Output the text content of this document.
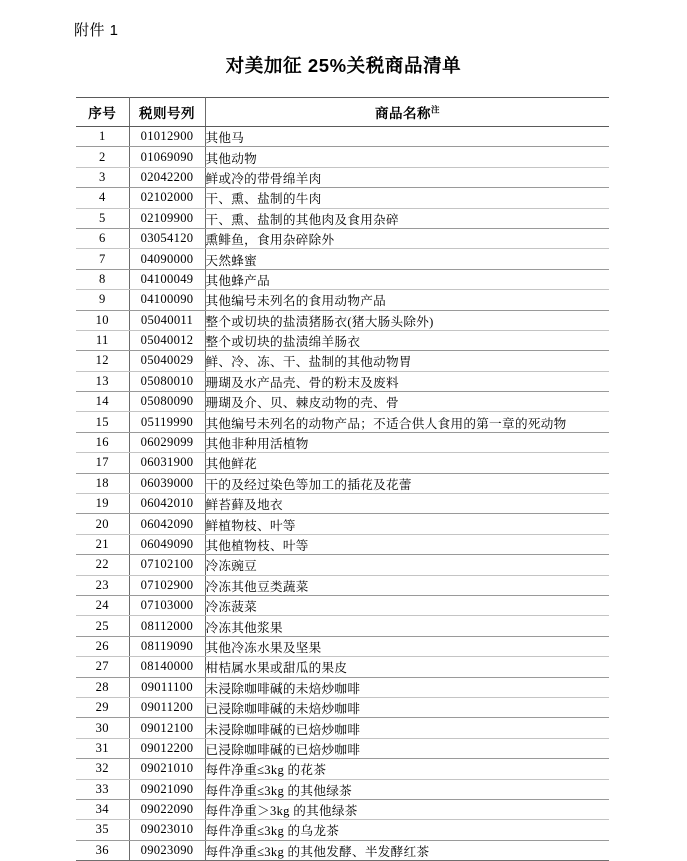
附件 1
对美加征 25%关税商品清单
序号	税则号列	商品名称$^注$
1	01012900	其他马
2	01069090	其他动物
3	02042200	鲜或冷的带骨绵羊肉
4	02102000	干、熏、盐制的牛肉
5	02109900	干、熏、盐制的其他肉及食用杂碎
6	03054120	熏鲱鱼，食用杂碎除外
7	04090000	天然蜂蜜
8	04100049	其他蜂产品
9	04100090	其他编号未列名的食用动物产品
10	05040011	整个或切块的盐渍猪肠衣(猪大肠头除外)
11	05040012	整个或切块的盐渍绵羊肠衣
12	05040029	鲜、冷、冻、干、盐制的其他动物胃
13	05080010	珊瑚及水产品壳、骨的粉末及废料
14	05080090	珊瑚及介、贝、棘皮动物的壳、骨
15	05119990	其他编号未列名的动物产品；不适合供人食用的第一章的死动物
16	06029099	其他非种用活植物
17	06031900	其他鲜花
18	06039000	干的及经过染色等加工的插花及花蕾
19	06042010	鲜苔藓及地衣
20	06042090	鲜植物枝、叶等
21	06049090	其他植物枝、叶等
22	07102100	冷冻豌豆
23	07102900	冷冻其他豆类蔬菜
24	07103000	冷冻菠菜
25	08112000	冷冻其他浆果
26	08119090	其他冷冻水果及坚果
27	08140000	柑桔属水果或甜瓜的果皮
28	09011100	未浸除咖啡碱的未焙炒咖啡
29	09011200	已浸除咖啡碱的未焙炒咖啡
30	09012100	未浸除咖啡碱的已焙炒咖啡
31	09012200	已浸除咖啡碱的已焙炒咖啡
32	09021010	每件净重≤3kg 的花茶
33	09021090	每件净重≤3kg 的其他绿茶
34	09022090	每件净重＞3kg 的其他绿茶
35	09023010	每件净重≤3kg 的乌龙茶
36	09023090	每件净重≤3kg 的其他发酵、半发酵红茶
